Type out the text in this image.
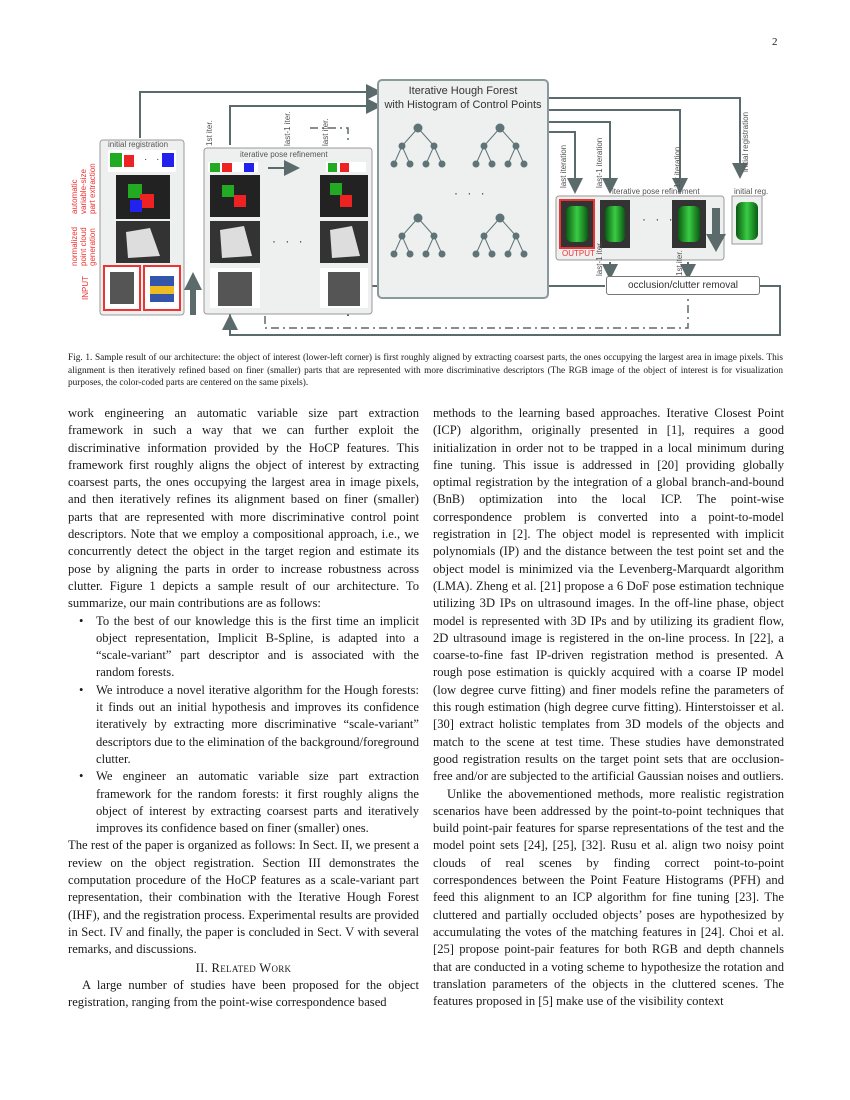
2
initial registration
iterative pose refinement
1st iter.	last-1 iter.	last iter.
last iteration	last-1 iteration	1st iteration	initial registration
iterative pose refinement	initial reg.
OUTPUT last-1 iter.	1st iter.
automatic variable-size part extraction
normalized point cloud generation
INPUT
Iterative Hough Forest
with Histogram of Control Points
· · ·
· · ·
· · ·
· · ·
occlusion/clutter removal
Fig. 1. Sample result of our architecture: the object of interest (lower-left corner) is first roughly aligned by extracting coarsest parts, the ones occupying the largest area in image pixels. This alignment is then iteratively refined based on finer (smaller) parts that are represented with more discriminative descriptors (The RGB image of the object of interest is for visualization purposes, the color-coded parts are centered on the same pixels).

work engineering an automatic variable size part extraction framework in such a way that we can further exploit the discriminative information provided by the HoCP features. This framework first roughly aligns the object of interest by extracting coarsest parts, the ones occupying the largest area in image pixels, and then iteratively refines its alignment based on finer (smaller) parts that are represented with more discriminative control point descriptors. Note that we employ a compositional approach, i.e., we concurrently detect the object in the target region and estimate its pose by aligning the parts in order to increase robustness across clutter. Figure 1 depicts a sample result of our architecture. To summarize, our main contributions are as follows:

• To the best of our knowledge this is the first time an implicit object representation, Implicit B-Spline, is adapted into a “scale-variant” part descriptor and is associated with the random forests.
• We introduce a novel iterative algorithm for the Hough forests: it finds out an initial hypothesis and improves its confidence iteratively by extracting more discriminative “scale-variant” descriptors due to the elimination of the background/foreground clutter.
• We engineer an automatic variable size part extraction framework for the random forests: it first roughly aligns the object of interest by extracting coarsest parts and iteratively improves its confidence based on finer (smaller) ones.

The rest of the paper is organized as follows: In Sect. II, we present a review on the object registration. Section III demonstrates the computation procedure of the HoCP features as a scale-variant part representation, their combination with the Iterative Hough Forest (IHF), and the registration process. Experimental results are provided in Sect. IV and finally, the paper is concluded in Sect. V with several remarks, and discussions.

II. Related Work

A large number of studies have been proposed for the object registration, ranging from the point-wise correspondence based

methods to the learning based approaches. Iterative Closest Point (ICP) algorithm, originally presented in [1], requires a good initialization in order not to be trapped in a local minimum during fine tuning. This issue is addressed in [20] providing globally optimal registration by the integration of a global branch-and-bound (BnB) optimization into the local ICP. The point-wise correspondence problem is converted into a point-to-model registration in [2]. The object model is represented with implicit polynomials (IP) and the distance between the test point set and the object model is minimized via the Levenberg-Marquardt algorithm (LMA). Zheng et al. [21] propose a 6 DoF pose estimation technique utilizing 3D IPs on ultrasound images. In the off-line phase, object model is represented with 3D IPs and by utilizing its gradient flow, 2D ultrasound image is registered in the on-line process. In [22], a coarse-to-fine fast IP-driven registration method is presented. A rough pose estimation is quickly acquired with a coarse IP model (low degree curve fitting) and finer models refine the parameters of this rough estimation (high degree curve fitting). Hinterstoisser et al. [30] extract holistic templates from 3D models of the objects and match to the scene at test time. These studies have demonstrated good registration results on the target point sets that are occlusion-free and/or are subjected to the artificial Gaussian noises and outliers.

Unlike the abovementioned methods, more realistic registration scenarios have been addressed by the point-to-point techniques that build point-pair features for sparse representations of the test and the model point sets [24], [25], [32]. Rusu et al. align two noisy point clouds of real scenes by finding correct point-to-point correspondences between the Point Feature Histograms (PFH) and feed this alignment to an ICP algorithm for fine tuning [23]. The cluttered and partially occluded objects’ poses are hypothesized by accumulating the votes of the matching features in [24]. Choi et al. [25] propose point-pair features for both RGB and depth channels that are conducted in a voting scheme to hypothesize the rotation and translation parameters of the objects in the cluttered scenes. The features proposed in [5] make use of the visibility context
